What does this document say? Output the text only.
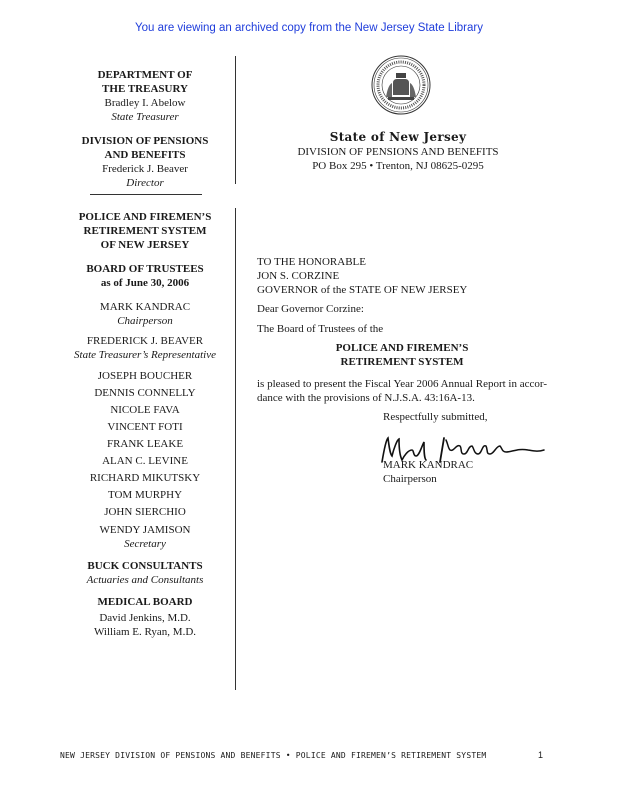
You are viewing an archived copy from the New Jersey State Library

DEPARTMENT OF

THE TREASURY

Bradley I. Abelow

State Treasurer

DIVISION OF PENSIONS

AND BENEFITS

Frederick J. Beaver

Director

POLICE AND FIREMEN’S

RETIREMENT SYSTEM

OF NEW JERSEY

BOARD OF TRUSTEES

as of June 30, 2006

MARK KANDRAC

Chairperson

FREDERICK J. BEAVER

State Treasurer’s Representative

JOSEPH BOUCHER

DENNIS CONNELLY

NICOLE FAVA

VINCENT FOTI

FRANK LEAKE

ALAN C. LEVINE

RICHARD MIKUTSKY

TOM MURPHY

JOHN SIERCHIO

WENDY JAMISON

Secretary

BUCK CONSULTANTS

Actuaries and Consultants

MEDICAL BOARD

David Jenkins, M.D.

William E. Ryan, M.D.

State of New Jersey
DIVISION OF PENSIONS AND BENEFITS
PO Box 295 • Trenton, NJ 08625-0295

TO THE HONORABLE

JON S. CORZINE

GOVERNOR of the STATE OF NEW JERSEY

Dear Governor Corzine:
The Board of Trustees of the

POLICE AND FIREMEN’S

RETIREMENT SYSTEM

is pleased to present the Fiscal Year 2006 Annual Report in accor-

dance with the provisions of N.J.S.A. 43:16A-13.

Respectfully submitted,

MARK KANDRAC

Chairperson

NEW JERSEY DIVISION OF PENSIONS AND BENEFITS • POLICE AND FIREMEN’S RETIREMENT SYSTEM	1
